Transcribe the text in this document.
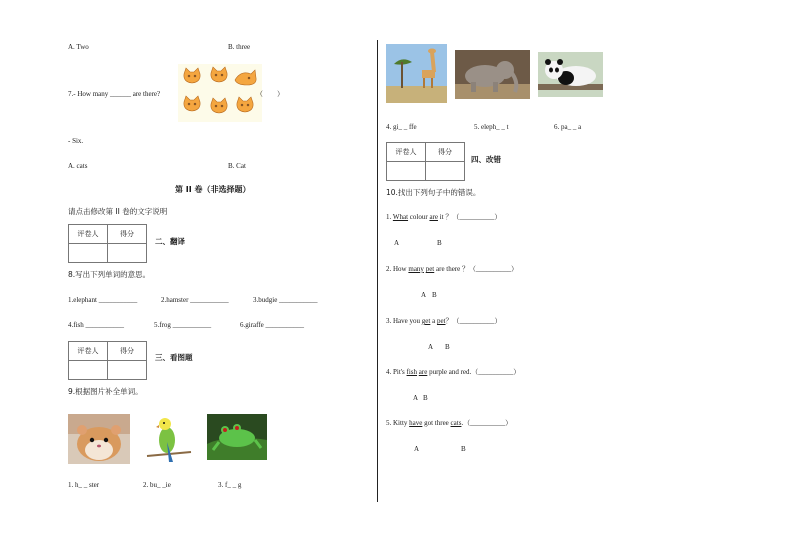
A. Two	B. three
7.- How many ______ are there?	（　　）
- Six.
A. cats	B. Cat
第 II 卷（非选择题）
请点击修改第 II 卷的文字说明
评卷人	得分

二、翻译
8.写出下列单词的意思。
1.elephant ___________	2.hamster ___________	3.budgie ___________
4.fish ___________	5.frog ___________	6.giraffe ___________
评卷人	得分

三、看图题
9.根据图片补全单词。
1. h_ _ ster	2. bu_ _ie	3. f_ _ g
4. gi_ _ ffe	5. eleph_ _ t	6. pa_ _ a
评卷人	得分

四、改错
10.找出下列句子中的错误。
1. What colour are it ？（__________）
A	B
2. How many pet are there ？（__________）
A B
3. Have you get a pet？（__________）
A B
4. Pit's fish are purple and red.（__________）
A B
5. Kitty have got three cats.（__________）
A	B
